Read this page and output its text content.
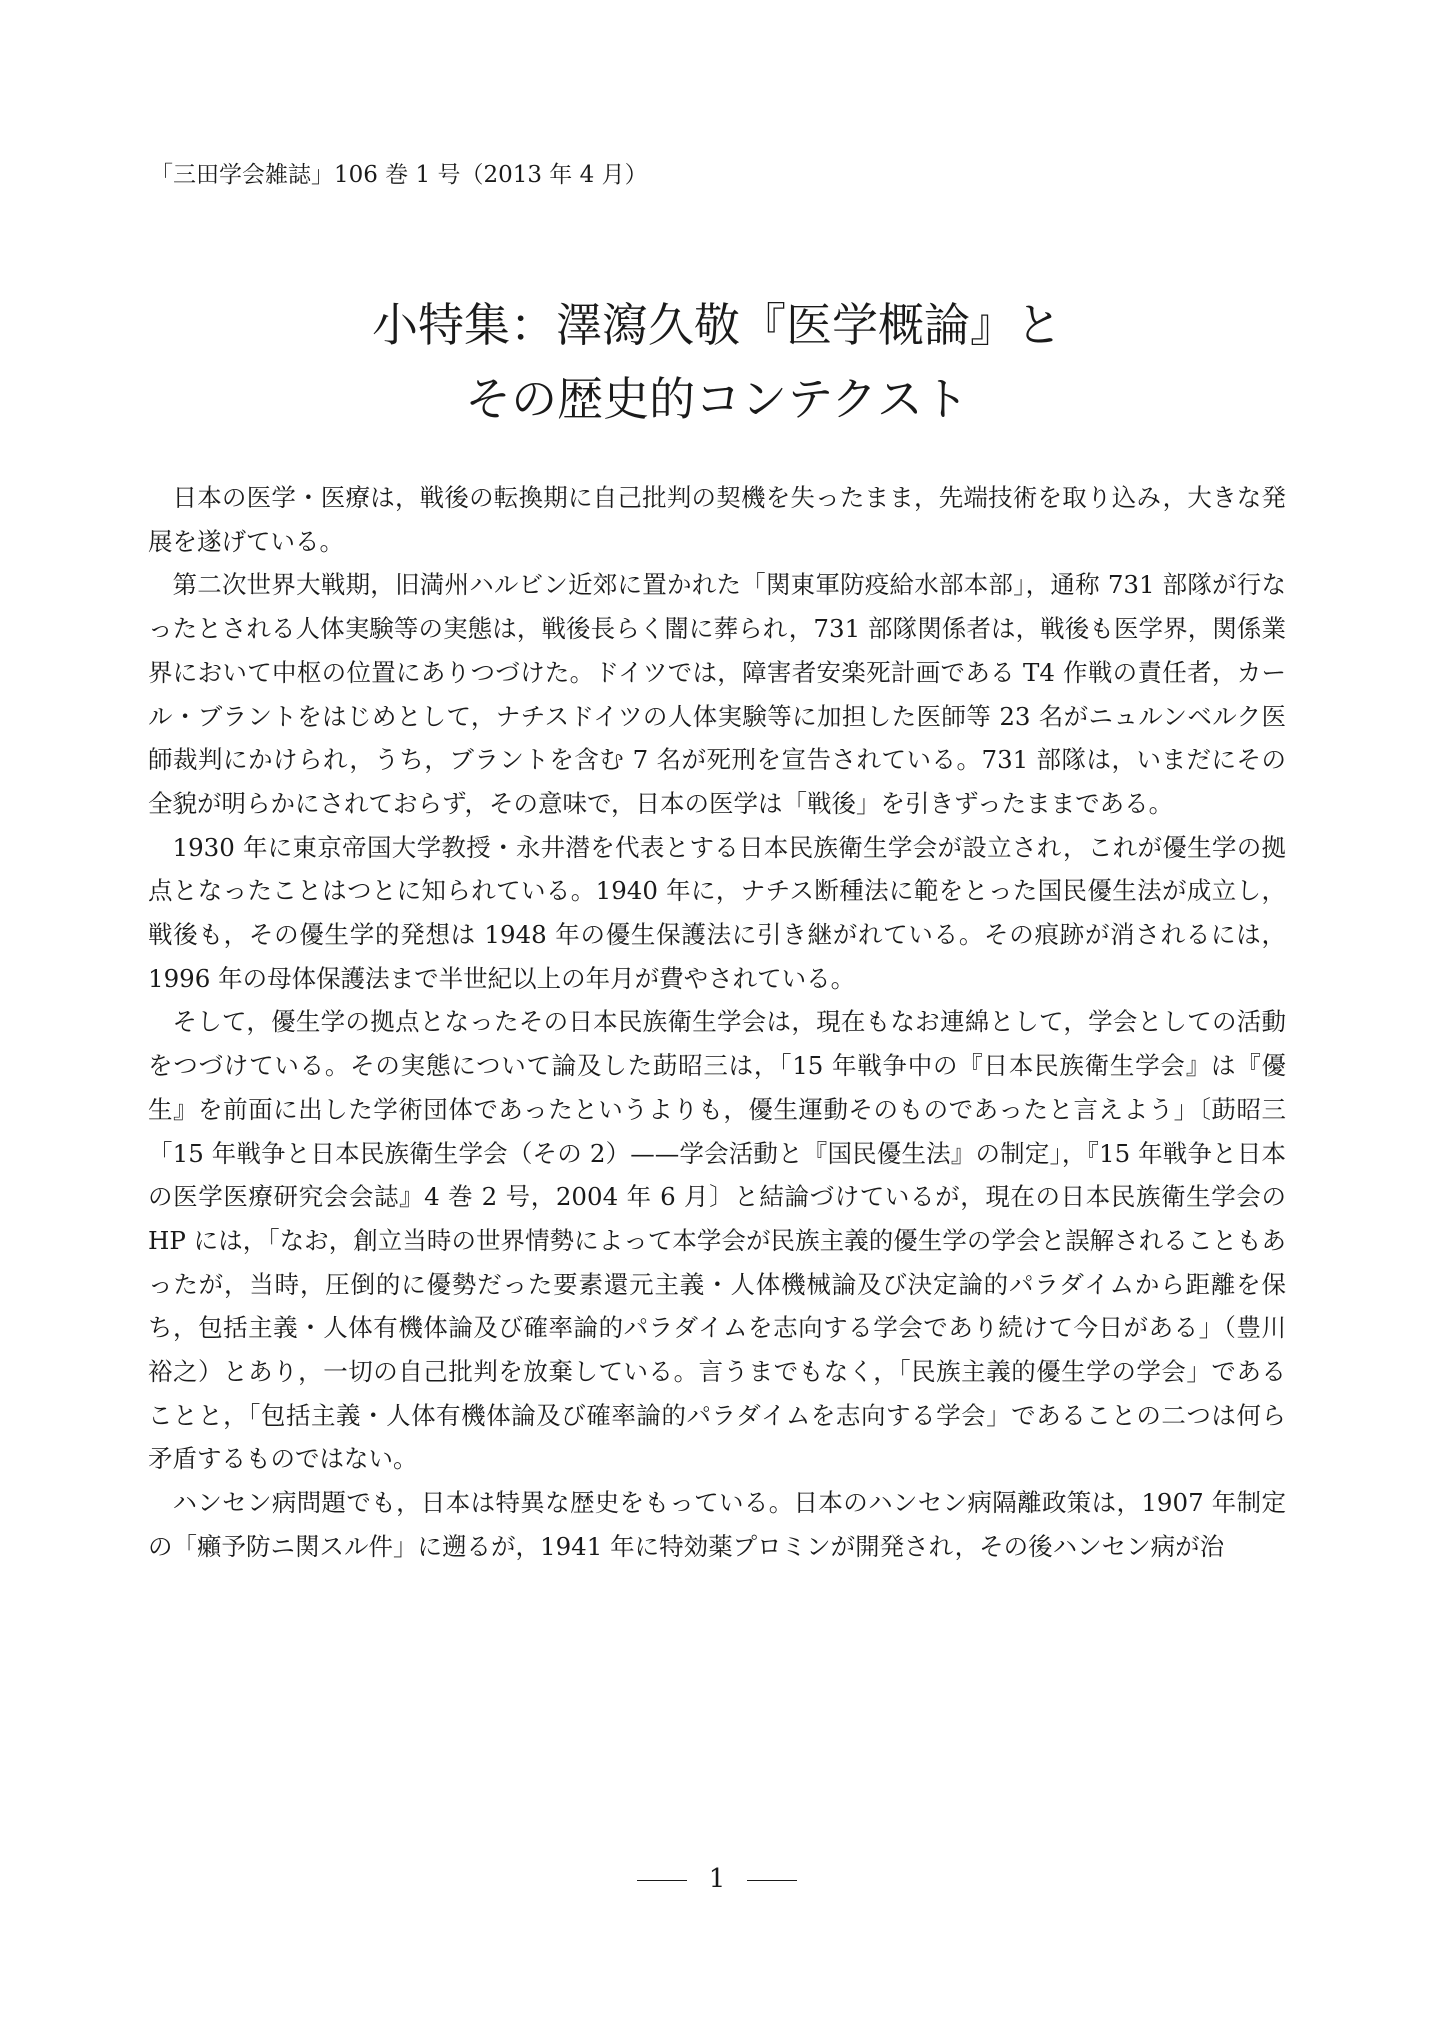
「三田学会雑誌」106 巻 1 号（2013 年 4 月）
小特集：澤瀉久敬『医学概論』と
その歴史的コンテクスト

日本の医学・医療は，戦後の転換期に自己批判の契機を失ったまま，先端技術を取り込み，大きな発展を遂げている。

第二次世界大戦期，旧満州ハルビン近郊に置かれた「関東軍防疫給水部本部」，通称 731 部隊が行なったとされる人体実験等の実態は，戦後長らく闇に葬られ，731 部隊関係者は，戦後も医学界，関係業界において中枢の位置にありつづけた。ドイツでは，障害者安楽死計画である T4 作戦の責任者，カール・ブラントをはじめとして，ナチスドイツの人体実験等に加担した医師等 23 名がニュルンベルク医師裁判にかけられ，うち，ブラントを含む 7 名が死刑を宣告されている。731 部隊は，いまだにその全貌が明らかにされておらず，その意味で，日本の医学は「戦後」を引きずったままである。

1930 年に東京帝国大学教授・永井潜を代表とする日本民族衛生学会が設立され，これが優生学の拠点となったことはつとに知られている。1940 年に，ナチス断種法に範をとった国民優生法が成立し，戦後も，その優生学的発想は 1948 年の優生保護法に引き継がれている。その痕跡が消されるには，1996 年の母体保護法まで半世紀以上の年月が費やされている。

そして，優生学の拠点となったその日本民族衛生学会は，現在もなお連綿として，学会としての活動をつづけている。その実態について論及した莇昭三は，「15 年戦争中の『日本民族衛生学会』は『優生』を前面に出した学術団体であったというよりも，優生運動そのものであったと言えよう」〔莇昭三「15 年戦争と日本民族衛生学会（その 2）——学会活動と『国民優生法』の制定」，『15 年戦争と日本の医学医療研究会会誌』4 巻 2 号，2004 年 6 月〕と結論づけているが，現在の日本民族衛生学会の HP には，「なお，創立当時の世界情勢によって本学会が民族主義的優生学の学会と誤解されることもあったが，当時，圧倒的に優勢だった要素還元主義・人体機械論及び決定論的パラダイムから距離を保ち，包括主義・人体有機体論及び確率論的パラダイムを志向する学会であり続けて今日がある」（豊川裕之）とあり，一切の自己批判を放棄している。言うまでもなく，「民族主義的優生学の学会」であることと，「包括主義・人体有機体論及び確率論的パラダイムを志向する学会」であることの二つは何ら矛盾するものではない。

ハンセン病問題でも，日本は特異な歴史をもっている。日本のハンセン病隔離政策は，1907 年制定の「癩予防ニ関スル件」に遡るが，1941 年に特効薬プロミンが開発され，その後ハンセン病が治

1
